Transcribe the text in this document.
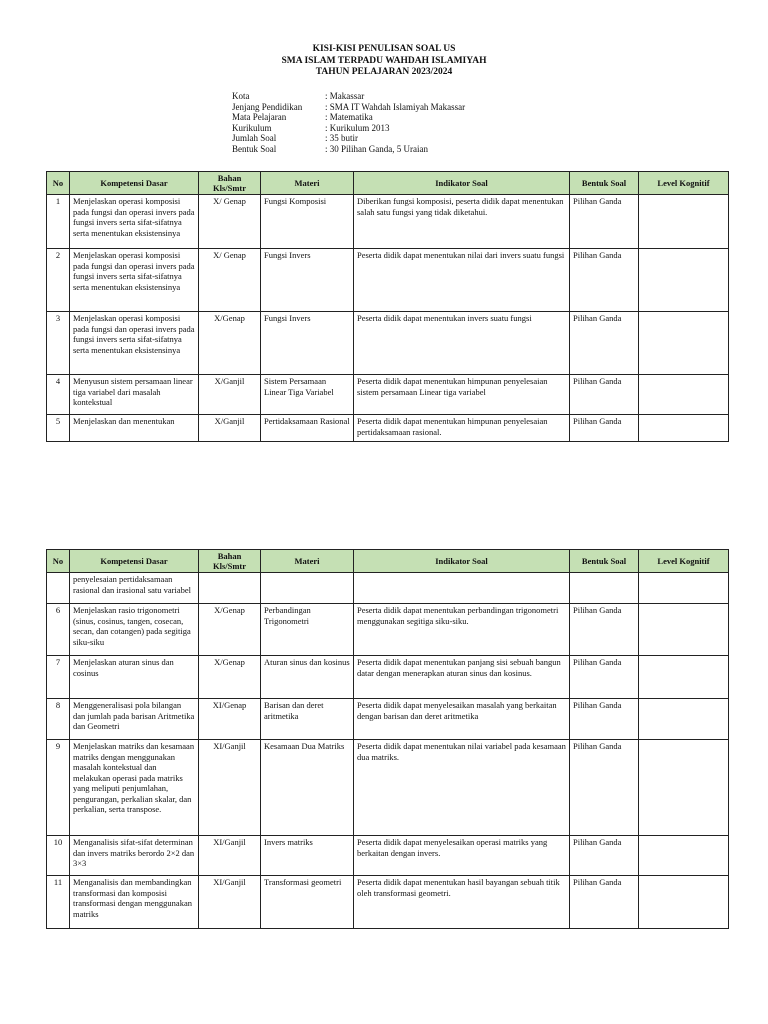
KISI-KISI PENULISAN SOAL US
SMA ISLAM TERPADU WAHDAH ISLAMIYAH
TAHUN PELAJARAN 2023/2024
Kota	: Makassar
Jenjang Pendidikan	: SMA IT Wahdah Islamiyah Makassar
Mata Pelajaran	: Matematika
Kurikulum	: Kurikulum 2013
Jumlah Soal	: 35 butir
Bentuk Soal	: 30 Pilihan Ganda, 5 Uraian
No	Kompetensi Dasar	Bahan Kls/Smtr	Materi	Indikator Soal	Bentuk Soal	Level Kognitif
1	Menjelaskan operasi komposisi pada fungsi dan operasi invers pada fungsi invers serta sifat-sifatnya serta menentukan eksistensinya	X/ Genap	Fungsi Komposisi	Diberikan fungsi komposisi, peserta didik dapat menentukan salah satu fungsi yang tidak diketahui.	Pilihan Ganda	
2	Menjelaskan operasi komposisi pada fungsi dan operasi invers pada fungsi invers serta sifat-sifatnya serta menentukan eksistensinya	X/ Genap	Fungsi Invers	Peserta didik dapat menentukan nilai dari invers suatu fungsi	Pilihan Ganda	
3	Menjelaskan operasi komposisi pada fungsi dan operasi invers pada fungsi invers serta sifat-sifatnya serta menentukan eksistensinya	X/Genap	Fungsi Invers	Peserta didik dapat menentukan invers suatu fungsi	Pilihan Ganda	
4	Menyusun sistem persamaan linear tiga variabel dari masalah kontekstual	X/Ganjil	Sistem Persamaan Linear Tiga Variabel	Peserta didik dapat menentukan himpunan penyelesaian sistem persamaan Linear tiga variabel	Pilihan Ganda	
5	Menjelaskan dan menentukan	X/Ganjil	Pertidaksamaan Rasional	Peserta didik dapat menentukan himpunan penyelesaian pertidaksamaan rasional.	Pilihan Ganda	
No	Kompetensi Dasar	Bahan Kls/Smtr	Materi	Indikator Soal	Bentuk Soal	Level Kognitif
	penyelesaian pertidaksamaan rasional dan irasional satu variabel					
6	Menjelaskan rasio trigonometri (sinus, cosinus, tangen, cosecan, secan, dan cotangen) pada segitiga siku-siku	X/Genap	Perbandingan Trigonometri	Peserta didik dapat menentukan perbandingan trigonometri menggunakan segitiga siku-siku.	Pilihan Ganda	
7	Menjelaskan aturan sinus dan cosinus	X/Genap	Aturan sinus dan kosinus	Peserta didik dapat menentukan panjang sisi sebuah bangun datar dengan menerapkan aturan sinus dan kosinus.	Pilihan Ganda	
8	Menggeneralisasi pola bilangan dan jumlah pada barisan Aritmetika dan Geometri	XI/Genap	Barisan dan deret aritmetika	Peserta didik dapat menyelesaikan masalah yang berkaitan dengan barisan dan deret aritmetika	Pilihan Ganda	
9	Menjelaskan matriks dan kesamaan matriks dengan menggunakan masalah kontekstual dan melakukan operasi pada matriks yang meliputi penjumlahan, pengurangan, perkalian skalar, dan perkalian, serta transpose.	XI/Ganjil	Kesamaan Dua Matriks	Peserta didik dapat menentukan nilai variabel pada kesamaan dua matriks.	Pilihan Ganda	
10	Menganalisis sifat-sifat determinan dan invers matriks berordo 2×2 dan 3×3	XI/Ganjil	Invers matriks	Peserta didik dapat menyelesaikan operasi matriks yang berkaitan dengan invers.	Pilihan Ganda	
11	Menganalisis dan membandingkan transformasi dan komposisi transformasi dengan menggunakan matriks	XI/Ganjil	Transformasi geometri	Peserta didik dapat menentukan hasil bayangan sebuah titik oleh transformasi geometri.	Pilihan Ganda	
